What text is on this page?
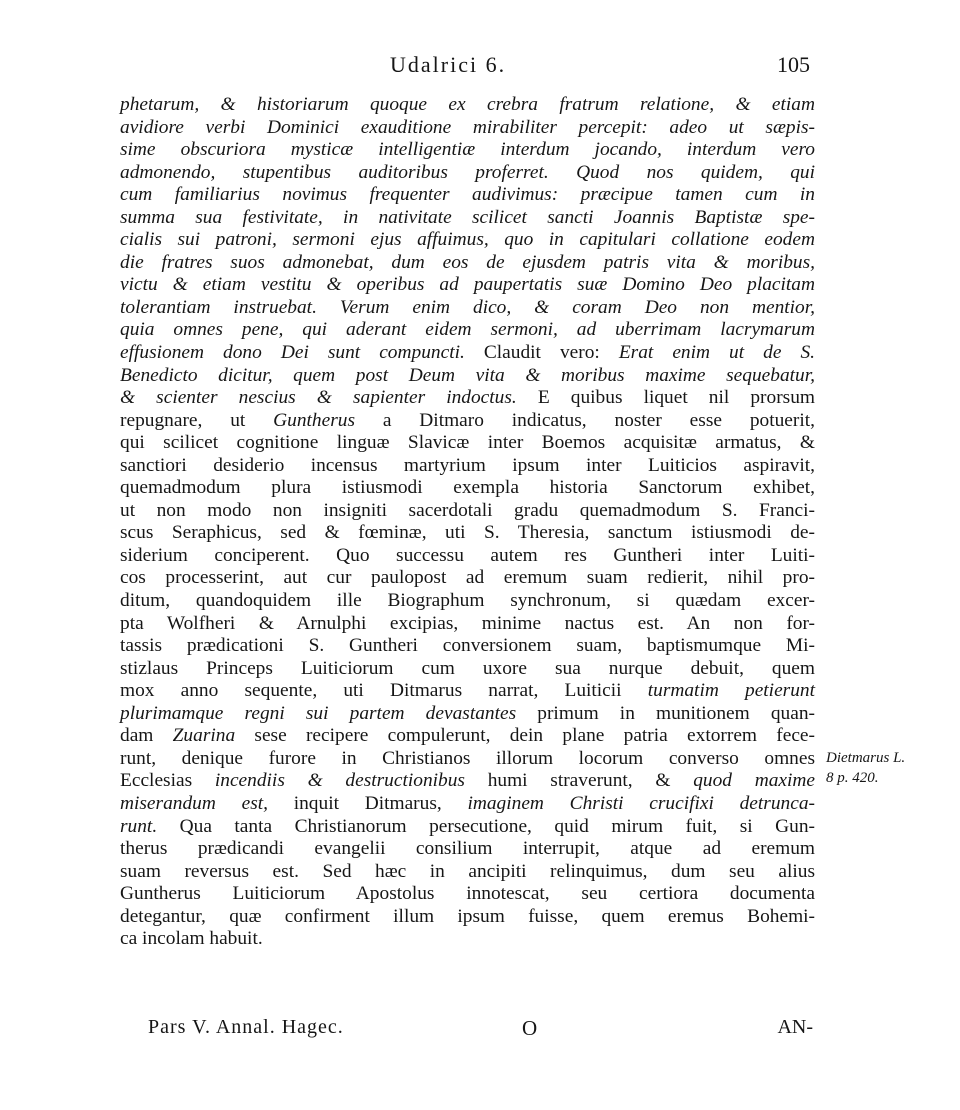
Udalrici 6.	105
phetarum, & historiarum quoque ex crebra fratrum relatione, & etiam
avidiore verbi Dominici exauditione mirabiliter percepit: adeo ut sæpis-
sime obscuriora mysticæ intelligentiæ interdum jocando, interdum vero
admonendo, stupentibus auditoribus proferret. Quod nos quidem, qui
cum familiarius novimus frequenter audivimus: præcipue tamen cum in
summa sua festivitate, in nativitate scilicet sancti Joannis Baptistæ spe-
cialis sui patroni, sermoni ejus affuimus, quo in capitulari collatione eodem
die fratres suos admonebat, dum eos de ejusdem patris vita & moribus,
victu & etiam vestitu & operibus ad paupertatis suæ Domino Deo placitam
tolerantiam instruebat. Verum enim dico, & coram Deo non mentior,
quia omnes pene, qui aderant eidem sermoni, ad uberrimam lacrymarum
effusionem dono Dei sunt compuncti. Claudit vero: Erat enim ut de S.
Benedicto dicitur, quem post Deum vita & moribus maxime sequebatur,
& scienter nescius & sapienter indoctus. E quibus liquet nil prorsum
repugnare, ut Guntherus a Ditmaro indicatus, noster esse potuerit,
qui scilicet cognitione linguæ Slavicæ inter Boemos acquisitæ armatus, &
sanctiori desiderio incensus martyrium ipsum inter Luiticios aspiravit,
quemadmodum plura istiusmodi exempla historia Sanctorum exhibet,
ut non modo non insigniti sacerdotali gradu quemadmodum S. Franci-
scus Seraphicus, sed & fœminæ, uti S. Theresia, sanctum istiusmodi de-
siderium conciperent. Quo successu autem res Guntheri inter Luiti-
cos processerint, aut cur paulopost ad eremum suam redierit, nihil pro-
ditum, quandoquidem ille Biographum synchronum, si quædam excer-
pta Wolfheri & Arnulphi excipias, minime nactus est. An non for-
tassis prædicationi S. Guntheri conversionem suam, baptismumque Mi-
stizlaus Princeps Luiticiorum cum uxore sua nurque debuit, quem
mox anno sequente, uti Ditmarus narrat, Luiticii turmatim petierunt
plurimamque regni sui partem devastantes primum in munitionem quan-
dam Zuarina sese recipere compulerunt, dein plane patria extorrem fece-
runt, denique furore in Christianos illorum locorum converso omnes
Ecclesias incendiis & destructionibus humi straverunt, & quod maxime
miserandum est, inquit Ditmarus, imaginem Christi crucifixi detrunca-
runt. Qua tanta Christianorum persecutione, quid mirum fuit, si Gun-
therus prædicandi evangelii consilium interrupit, atque ad eremum
suam reversus est. Sed hæc in ancipiti relinquimus, dum seu alius
Guntherus Luiticiorum Apostolus innotescat, seu certiora documenta
detegantur, quæ confirment illum ipsum fuisse, quem eremus Bohemi-
ca incolam habuit.
Dietmarus L.
8 p. 420.
Pars V. Annal. Hagec.	O	AN-
